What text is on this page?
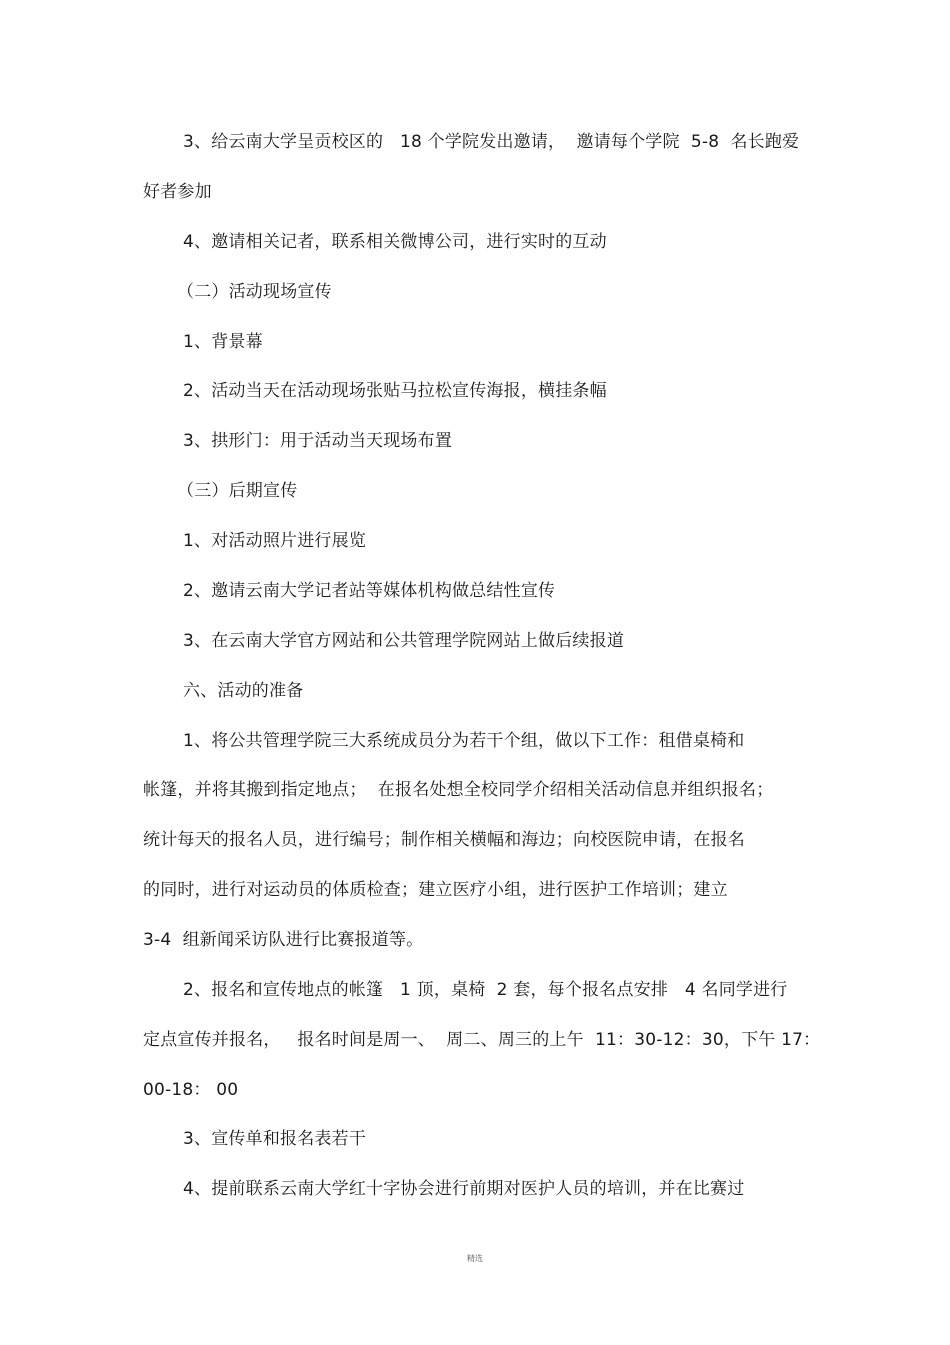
3、给云南大学呈贡校区的   18 个学院发出邀请，  邀请每个学院  5-8  名长跑爱
好者参加
4、邀请相关记者，联系相关微博公司，进行实时的互动
（二）活动现场宣传
1、背景幕
2、活动当天在活动现场张贴马拉松宣传海报，横挂条幅
3、拱形门：用于活动当天现场布置
（三）后期宣传
1、对活动照片进行展览
2、邀请云南大学记者站等媒体机构做总结性宣传
3、在云南大学官方网站和公共管理学院网站上做后续报道
六、活动的准备
1、将公共管理学院三大系统成员分为若干个组，做以下工作：租借桌椅和
帐篷，并将其搬到指定地点；  在报名处想全校同学介绍相关活动信息并组织报名；
统计每天的报名人员，进行编号；制作相关横幅和海边；向校医院申请，在报名
的同时，进行对运动员的体质检查；建立医疗小组，进行医护工作培训；建立
3-4  组新闻采访队进行比赛报道等。
2、报名和宣传地点的帐篷   1 顶，桌椅  2 套，每个报名点安排   4 名同学进行
定点宣传并报名，   报名时间是周一、  周二、周三的上午  11：30-12：30，下午 17：
00-18： 00
3、宣传单和报名表若干
4、提前联系云南大学红十字协会进行前期对医护人员的培训，并在比赛过
精选
